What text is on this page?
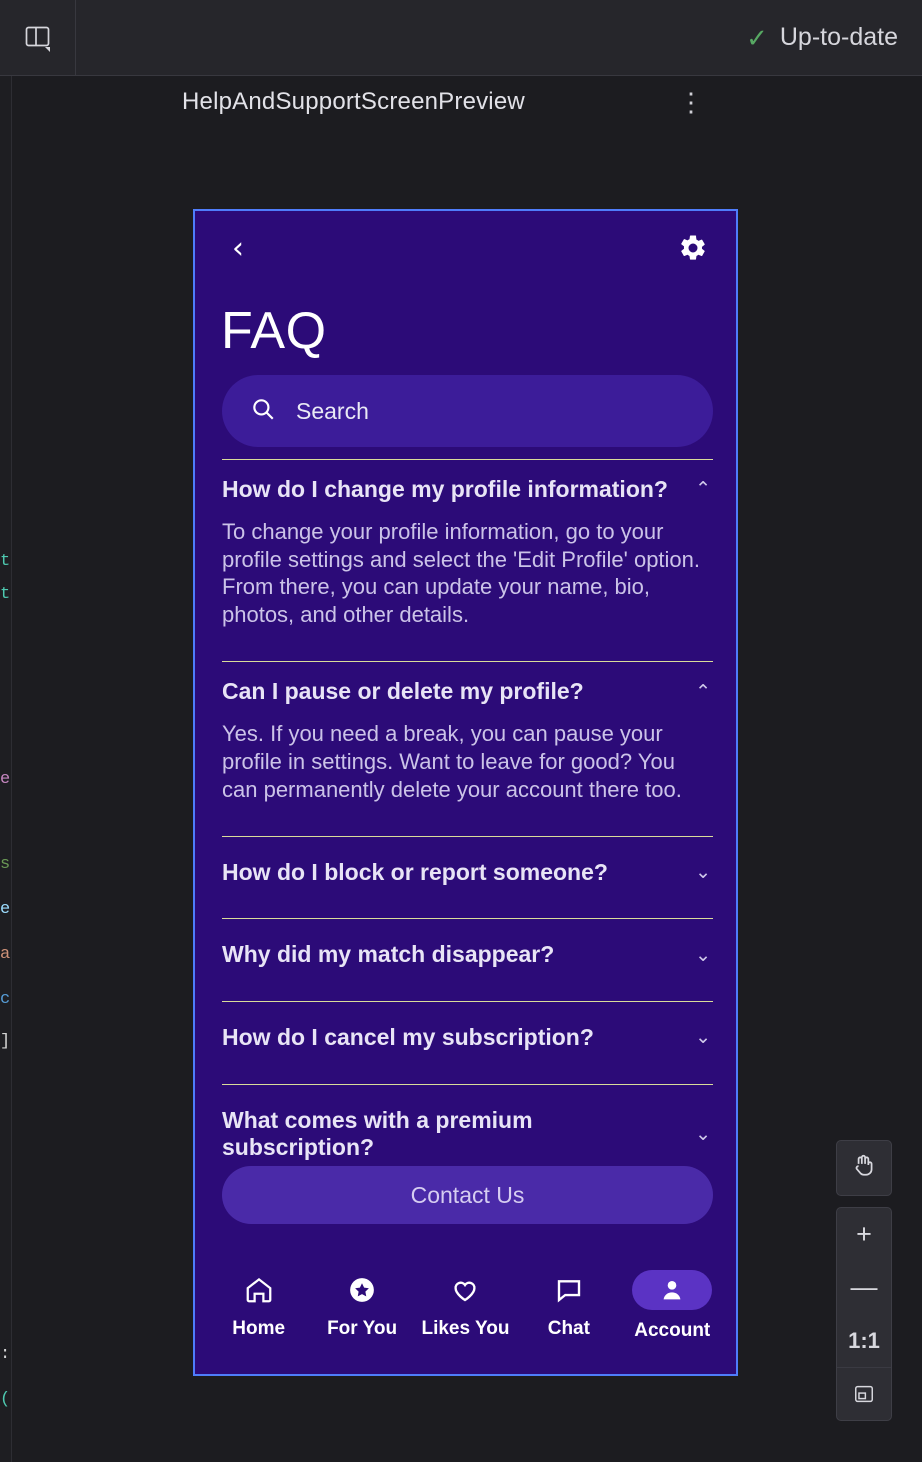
✓ Up-to-date
t
t
e
s
e
a
c
]
:
(
HelpAndSupportScreenPreview	⋮
‹
FAQ
Search
How do I change my profile information? ⌃
To change your profile information, go to your profile settings and select the 'Edit Profile' option. From there, you can update your name, bio, photos, and other details.
Can I pause or delete my profile?	⌃
Yes. If you need a break, you can pause your profile in settings. Want to leave for good? You can permanently delete your account there too.
How do I block or report someone?	⌄
Why did my match disappear?	⌄
How do I cancel my subscription?	⌄
What comes with a premium subscription?
⌄
Contact Us
Home For You Likes You Chat Account
+
—
1:1
